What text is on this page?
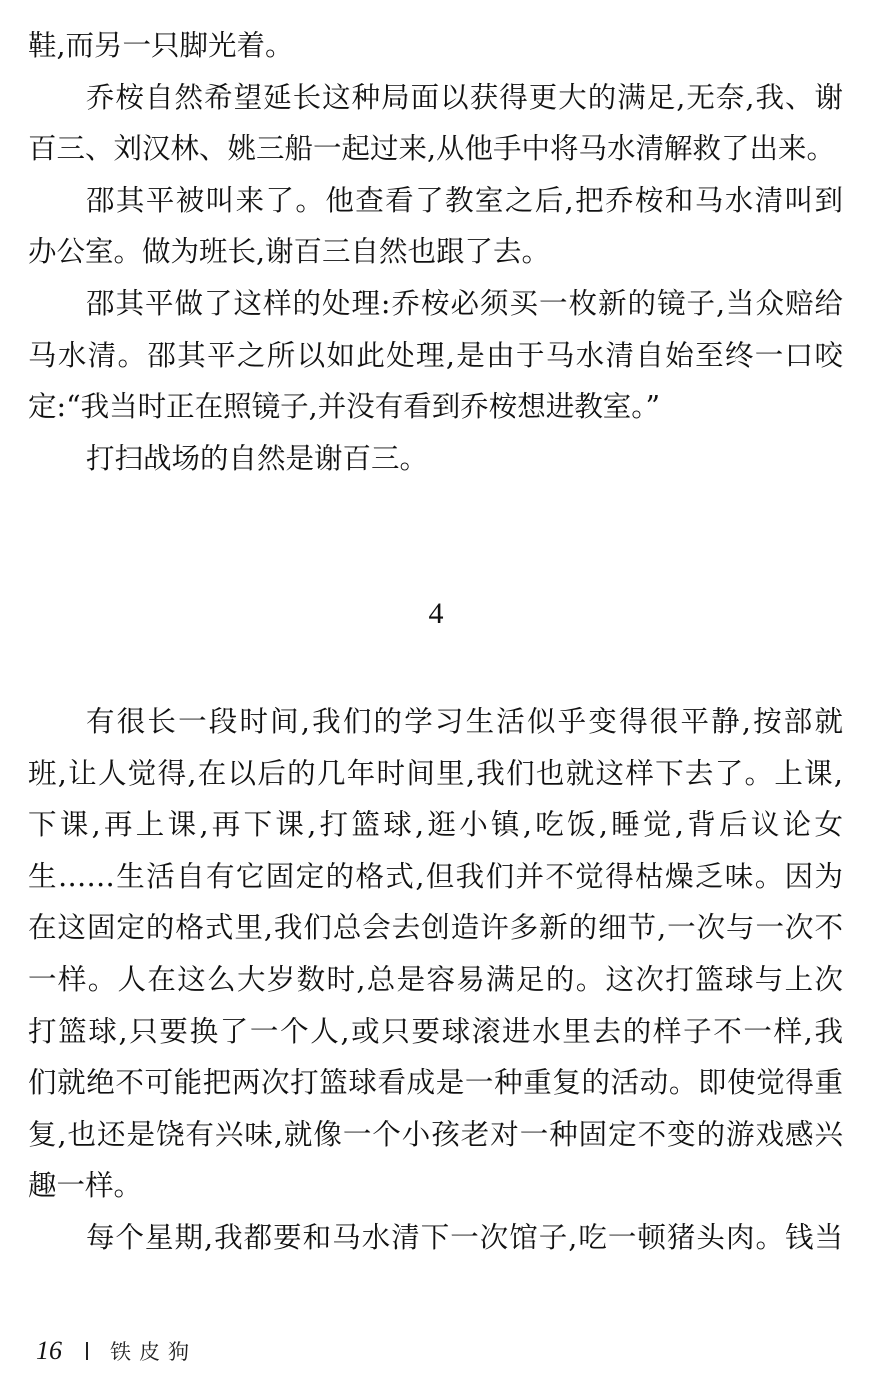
鞋,而另一只脚光着。
乔桉自然希望延长这种局面以获得更大的满足,无奈,我、谢
百三、刘汉林、姚三船一起过来,从他手中将马水清解救了出来。
邵其平被叫来了。他查看了教室之后,把乔桉和马水清叫到
办公室。做为班长,谢百三自然也跟了去。
邵其平做了这样的处理:乔桉必须买一枚新的镜子,当众赔给
马水清。邵其平之所以如此处理,是由于马水清自始至终一口咬
定:“我当时正在照镜子,并没有看到乔桉想进教室。”
打扫战场的自然是谢百三。
4
有很长一段时间,我们的学习生活似乎变得很平静,按部就
班,让人觉得,在以后的几年时间里,我们也就这样下去了。上课,
下课,再上课,再下课,打篮球,逛小镇,吃饭,睡觉,背后议论女
生……生活自有它固定的格式,但我们并不觉得枯燥乏味。因为
在这固定的格式里,我们总会去创造许多新的细节,一次与一次不
一样。人在这么大岁数时,总是容易满足的。这次打篮球与上次
打篮球,只要换了一个人,或只要球滚进水里去的样子不一样,我
们就绝不可能把两次打篮球看成是一种重复的活动。即使觉得重
复,也还是饶有兴味,就像一个小孩老对一种固定不变的游戏感兴
趣一样。
每个星期,我都要和马水清下一次馆子,吃一顿猪头肉。钱当
16 铁皮狗
